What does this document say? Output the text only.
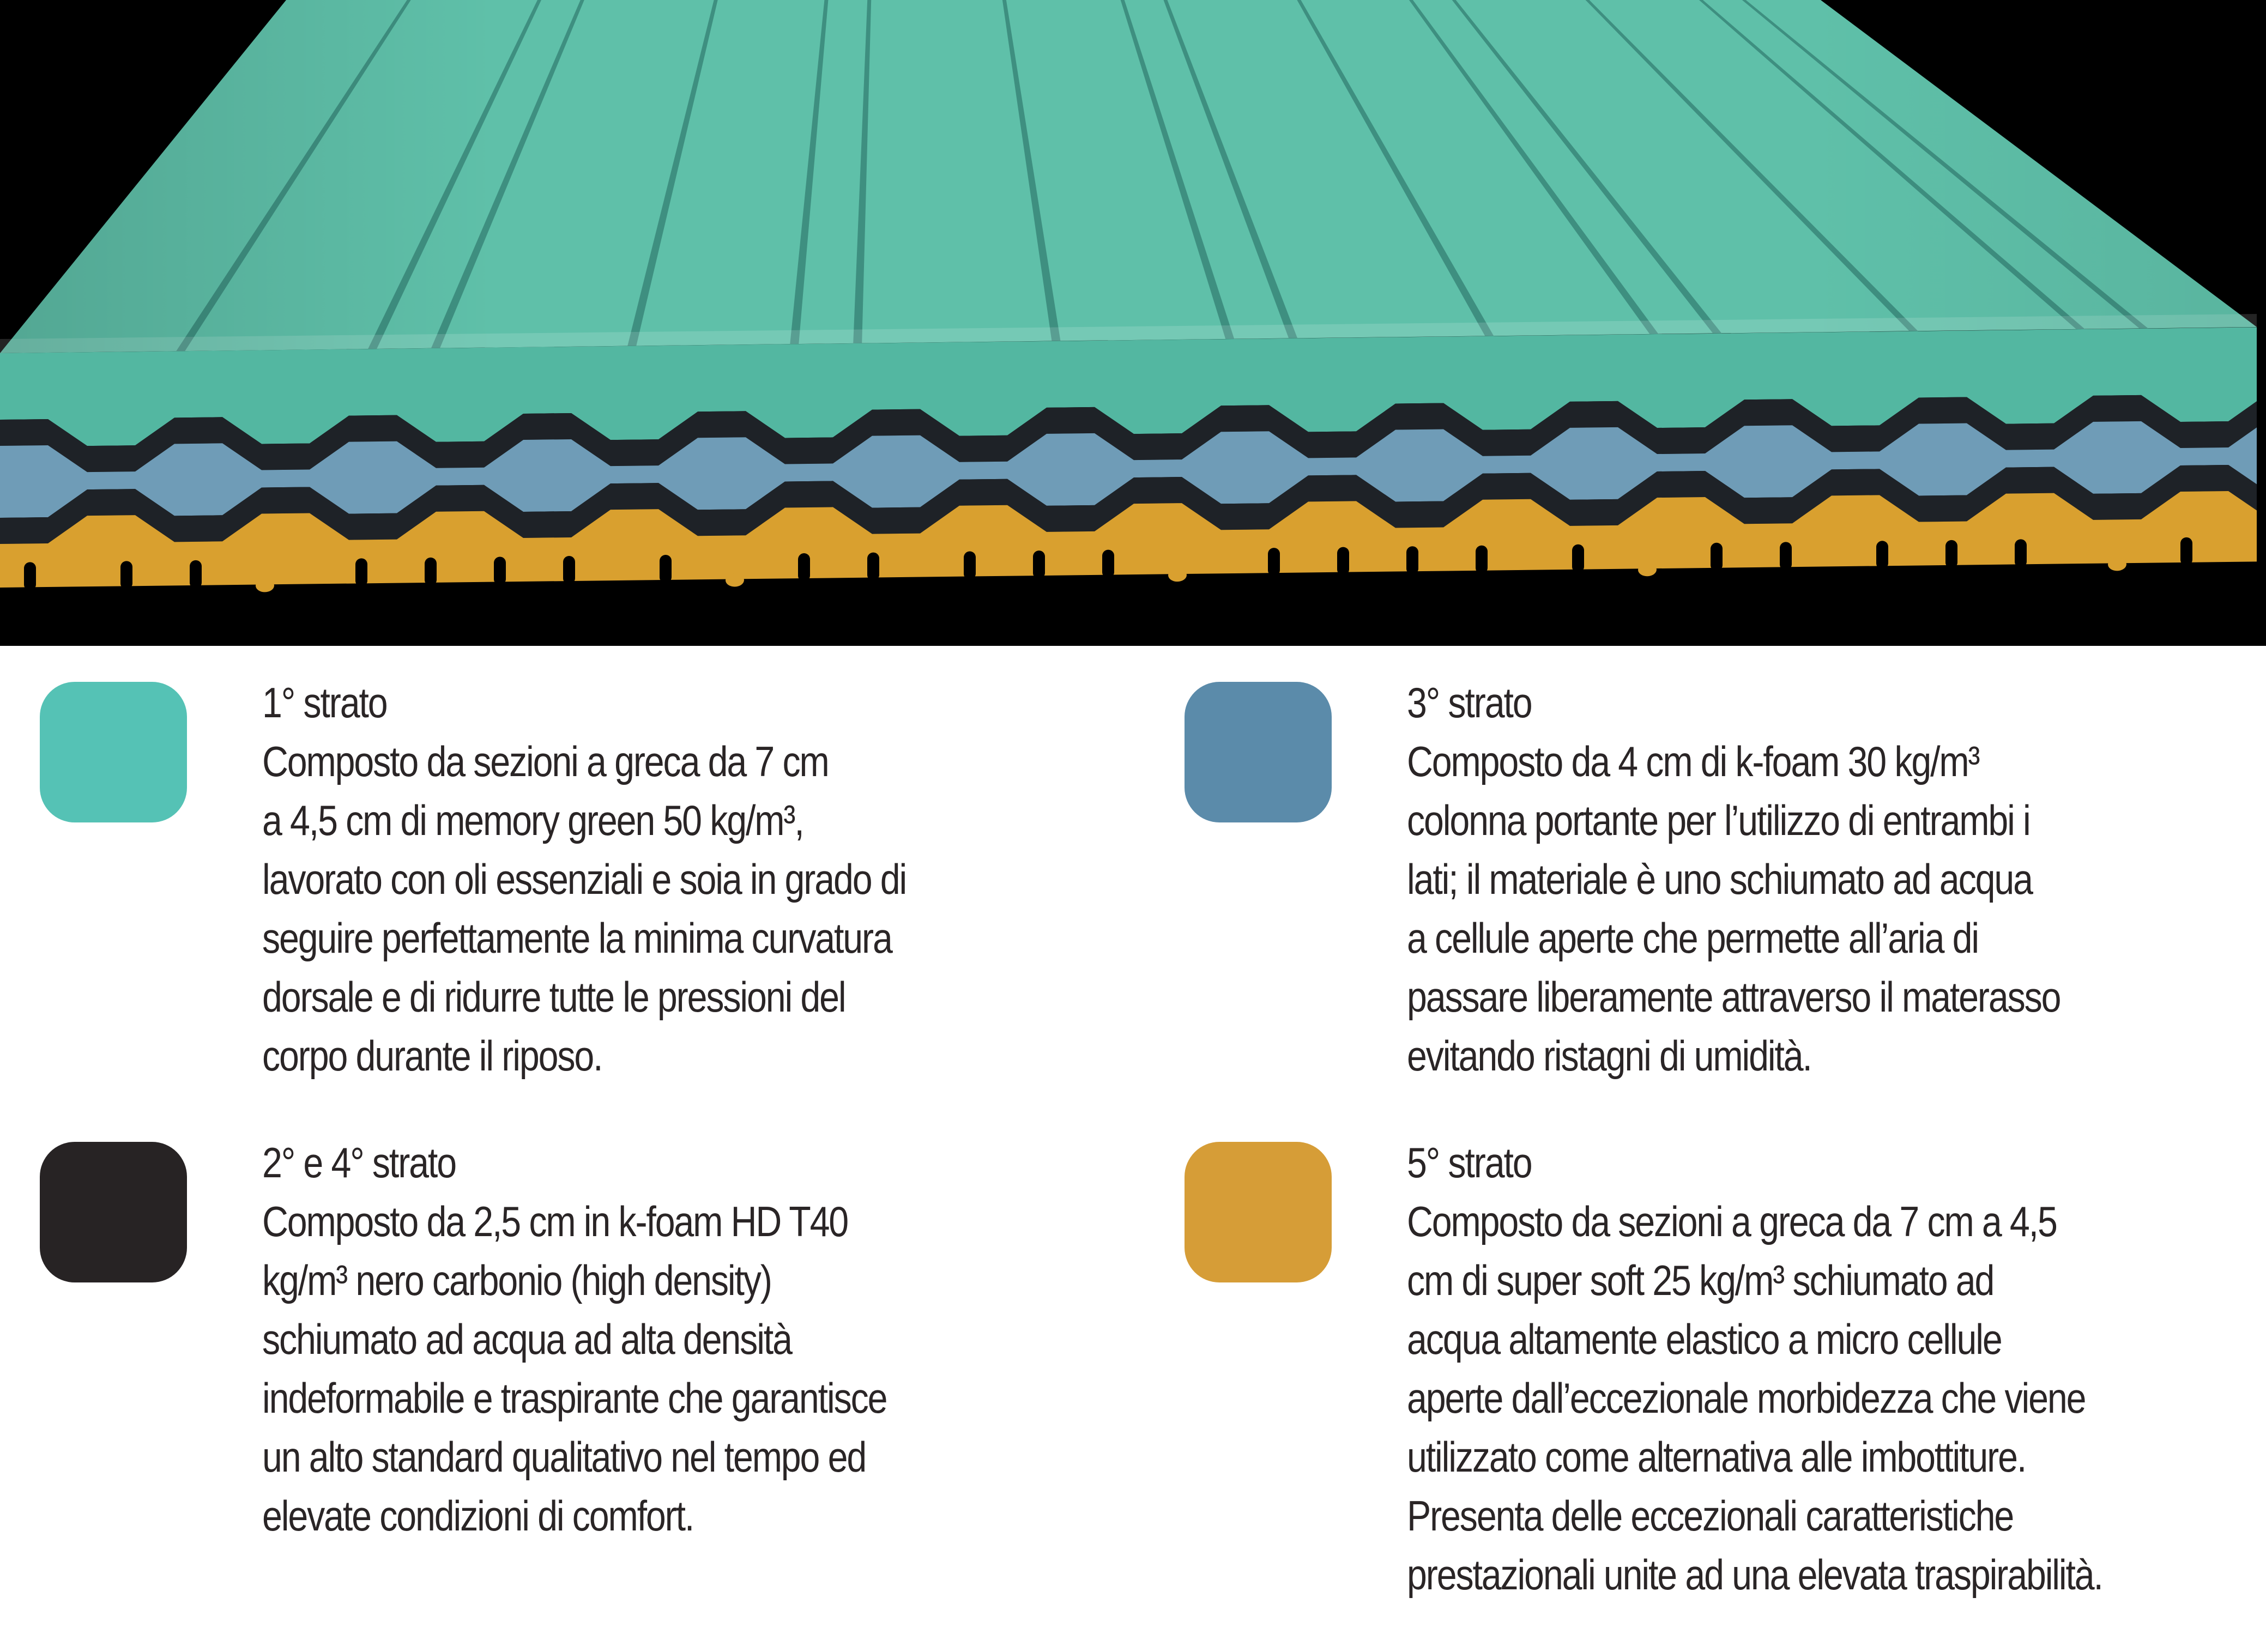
1° strato
Composto da sezioni a greca da 7 cm
a 4,5 cm di memory green 50 kg/m³,
lavorato con oli essenziali e soia in grado di
seguire perfettamente la minima curvatura
dorsale e di ridurre tutte le pressioni del
corpo durante il riposo.
3° strato
Composto da 4 cm di k-foam 30 kg/m³
colonna portante per l’utilizzo di entrambi i
lati; il materiale è uno schiumato ad acqua
a cellule aperte che permette all’aria di
passare liberamente attraverso il materasso
evitando ristagni di umidità.
2° e 4° strato
Composto da 2,5 cm in k-foam HD T40
kg/m³ nero carbonio (high density)
schiumato ad acqua ad alta densità
indeformabile e traspirante che garantisce
un alto standard qualitativo nel tempo ed
elevate condizioni di comfort.
5° strato
Composto da sezioni a greca da 7 cm a 4,5
cm di super soft 25 kg/m³ schiumato ad
acqua altamente elastico a micro cellule
aperte dall’eccezionale morbidezza che viene
utilizzato come alternativa alle imbottiture.
Presenta delle eccezionali caratteristiche
prestazionali unite ad una elevata traspirabilità.
